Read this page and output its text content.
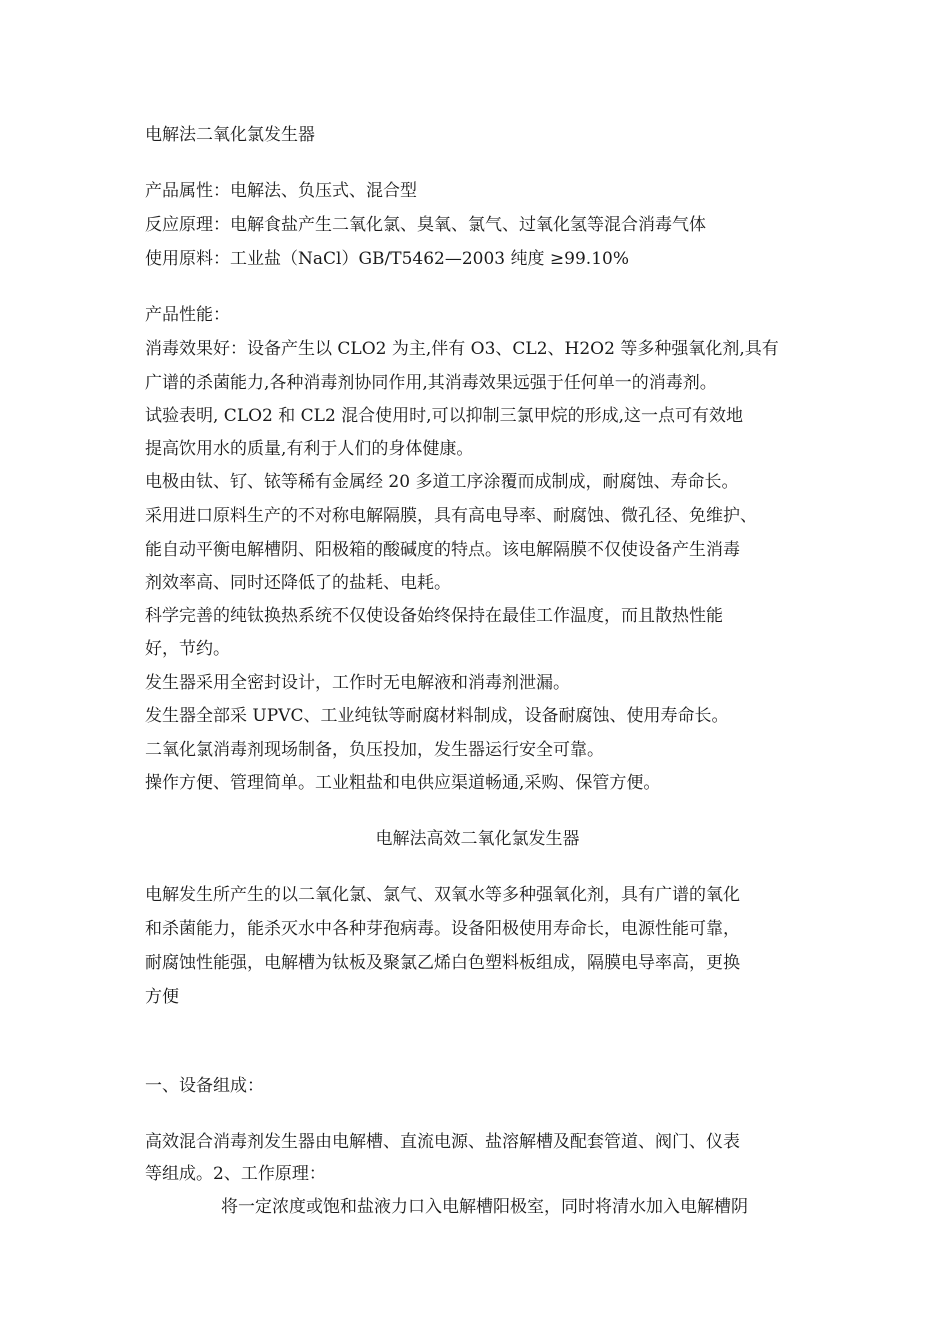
电解法二氧化氯发生器
产品属性：电解法、负压式、混合型
反应原理：电解食盐产生二氧化氯、臭氧、氯气、过氧化氢等混合消毒气体
使用原料：工业盐（NaCl）GB/T5462—2003 纯度 ≥99.10%
产品性能：
消毒效果好：设备产生以 CLO2 为主,伴有 O3、CL2、H2O2 等多种强氧化剂,具有
广谱的杀菌能力,各种消毒剂协同作用,其消毒效果远强于任何单一的消毒剂。
试验表明, CLO2 和 CL2 混合使用时,可以抑制三氯甲烷的形成,这一点可有效地
提高饮用水的质量,有利于人们的身体健康。
电极由钛、钌、铱等稀有金属经 20 多道工序涂覆而成制成，耐腐蚀、寿命长。
采用进口原料生产的不对称电解隔膜，具有高电导率、耐腐蚀、微孔径、免维护、
能自动平衡电解槽阴、阳极箱的酸碱度的特点。该电解隔膜不仅使设备产生消毒
剂效率高、同时还降低了的盐耗、电耗。
科学完善的纯钛换热系统不仅使设备始终保持在最佳工作温度，而且散热性能
好，节约。
发生器采用全密封设计，工作时无电解液和消毒剂泄漏。
发生器全部采 UPVC、工业纯钛等耐腐材料制成，设备耐腐蚀、使用寿命长。
二氧化氯消毒剂现场制备，负压投加，发生器运行安全可靠。
操作方便、管理简单。工业粗盐和电供应渠道畅通,采购、保管方便。
电解法高效二氧化氯发生器
电解发生所产生的以二氧化氯、氯气、双氧水等多种强氧化剂，具有广谱的氧化
和杀菌能力，能杀灭水中各种芽孢病毒。设备阳极使用寿命长，电源性能可靠，
耐腐蚀性能强，电解槽为钛板及聚氯乙烯白色塑料板组成，隔膜电导率高，更换
方便
一、设备组成：
高效混合消毒剂发生器由电解槽、直流电源、盐溶解槽及配套管道、阀门、仪表
等组成。2、工作原理：
将一定浓度或饱和盐液力口入电解槽阳极室，同时将清水加入电解槽阴
